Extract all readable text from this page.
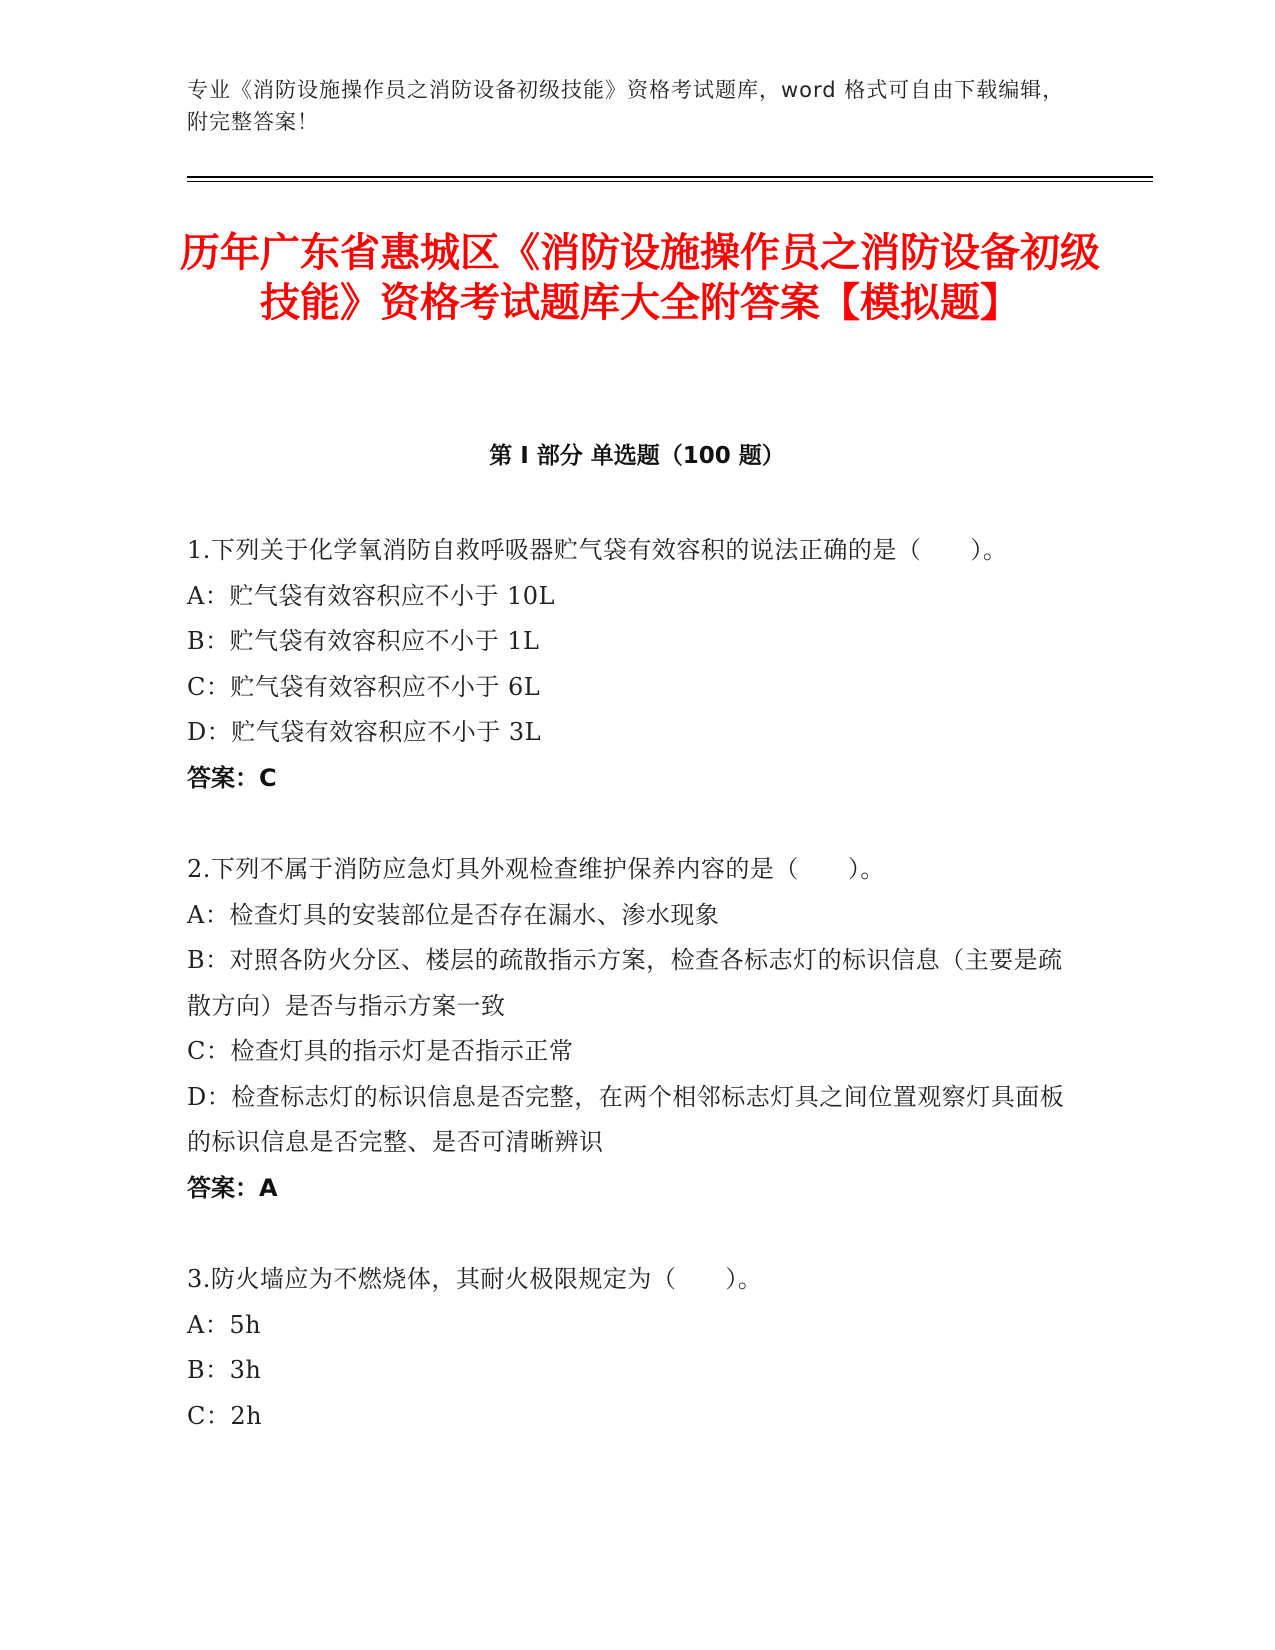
专业《消防设施操作员之消防设备初级技能》资格考试题库，word 格式可自由下载编辑，附完整答案！
历年广东省惠城区《消防设施操作员之消防设备初级技能》资格考试题库大全附答案【模拟题】
第 I 部分 单选题（100 题）
1.下列关于化学氧消防自救呼吸器贮气袋有效容积的说法正确的是（　　）。
A：贮气袋有效容积应不小于 10L
B：贮气袋有效容积应不小于 1L
C：贮气袋有效容积应不小于 6L
D：贮气袋有效容积应不小于 3L
答案：C
2.下列不属于消防应急灯具外观检查维护保养内容的是（　　）。
A：检查灯具的安装部位是否存在漏水、渗水现象
B：对照各防火分区、楼层的疏散指示方案，检查各标志灯的标识信息（主要是疏散方向）是否与指示方案一致
C：检查灯具的指示灯是否指示正常
D：检查标志灯的标识信息是否完整，在两个相邻标志灯具之间位置观察灯具面板的标识信息是否完整、是否可清晰辨识
答案：A
3.防火墙应为不燃烧体，其耐火极限规定为（　　）。
A：5h
B：3h
C：2h
